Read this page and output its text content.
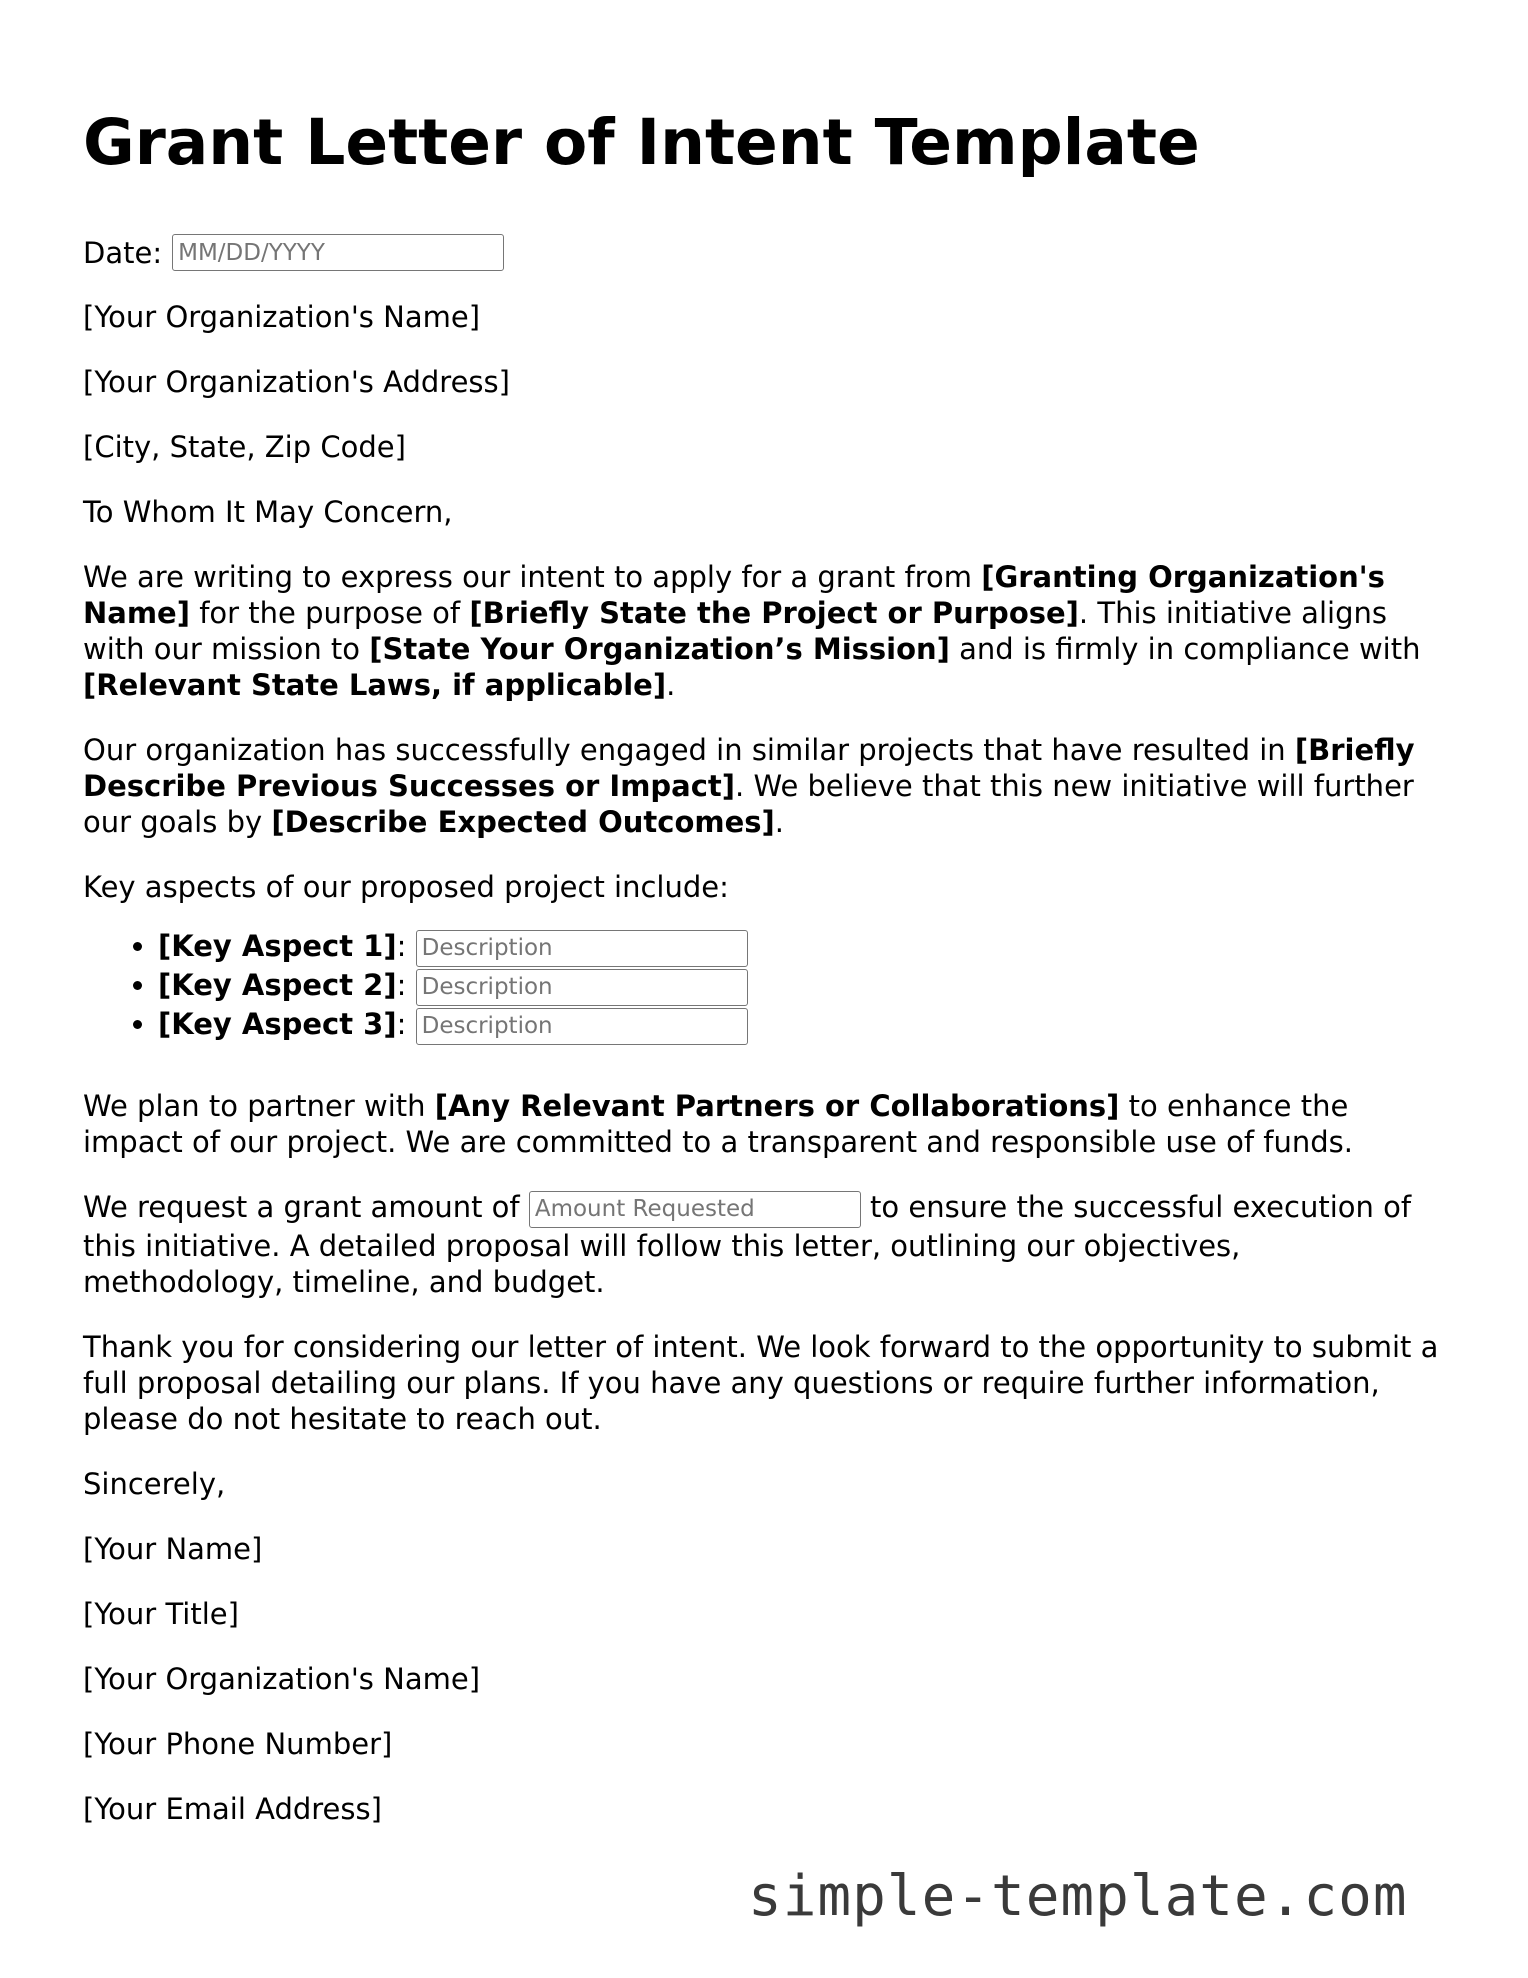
Grant Letter of Intent Template
Date:
MM/DD/YYYY

[Your Organization's Name]

[Your Organization's Address]

[City, State, Zip Code]

To Whom It May Concern,

We are writing to express our intent to apply for a grant from [Granting Organization's Name] for the purpose of [Briefly State the Project or Purpose]. This initiative aligns with our mission to [State Your Organization’s Mission] and is firmly in compliance with [Relevant State Laws, if applicable].

Our organization has successfully engaged in similar projects that have resulted in [Briefly Describe Previous Successes or Impact]. We believe that this new initiative will further our goals by [Describe Expected Outcomes].

Key aspects of our proposed project include:

• [Key Aspect 1]: Description
• [Key Aspect 2]: Description
• [Key Aspect 3]: Description

We plan to partner with [Any Relevant Partners or Collaborations] to enhance the impact of our project. We are committed to a transparent and responsible use of funds.

We request a grant amount of Amount Requested	to ensure the successful execution of this initiative. A detailed proposal will follow this letter, outlining our objectives, methodology, timeline, and budget.

Thank you for considering our letter of intent. We look forward to the opportunity to submit a full proposal detailing our plans. If you have any questions or require further information, please do not hesitate to reach out.

Sincerely,

[Your Name]

[Your Title]

[Your Organization's Name]

[Your Phone Number]

[Your Email Address]

simple-template.com
